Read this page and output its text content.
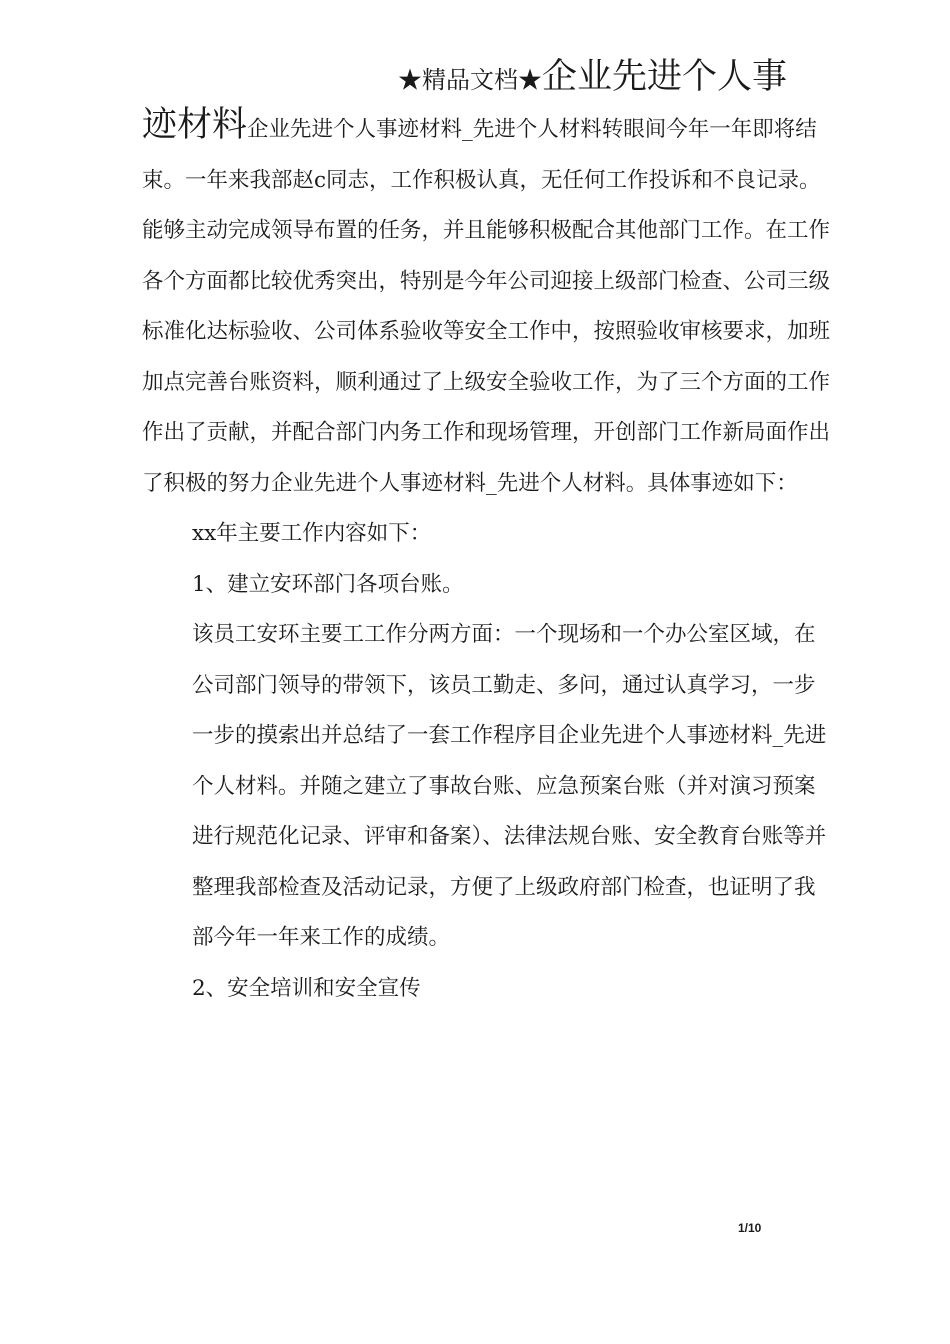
★精品文档★企业先进个人事

迹材料企业先进个人事迹材料_先进个人材料转眼间今年一年即将结束。一年来我部赵c同志，工作积极认真，无任何工作投诉和不良记录。能够主动完成领导布置的任务，并且能够积极配合其他部门工作。在工作各个方面都比较优秀突出，特别是今年公司迎接上级部门检查、公司三级标准化达标验收、公司体系验收等安全工作中，按照验收审核要求，加班加点完善台账资料，顺利通过了上级安全验收工作，为了三个方面的工作作出了贡献，并配合部门内务工作和现场管理，开创部门工作新局面作出了积极的努力企业先进个人事迹材料_先进个人材料。具体事迹如下：

xx年主要工作内容如下：

1、建立安环部门各项台账。

该员工安环主要工工作分两方面：一个现场和一个办公室区域，在公司部门领导的带领下，该员工勤走、多问，通过认真学习，一步一步的摸索出并总结了一套工作程序目企业先进个人事迹材料_先进个人材料。并随之建立了事故台账、应急预案台账（并对演习预案进行规范化记录、评审和备案）、法律法规台账、安全教育台账等并整理我部检查及活动记录，方便了上级政府部门检查，也证明了我部今年一年来工作的成绩。

2、安全培训和安全宣传

1/10
